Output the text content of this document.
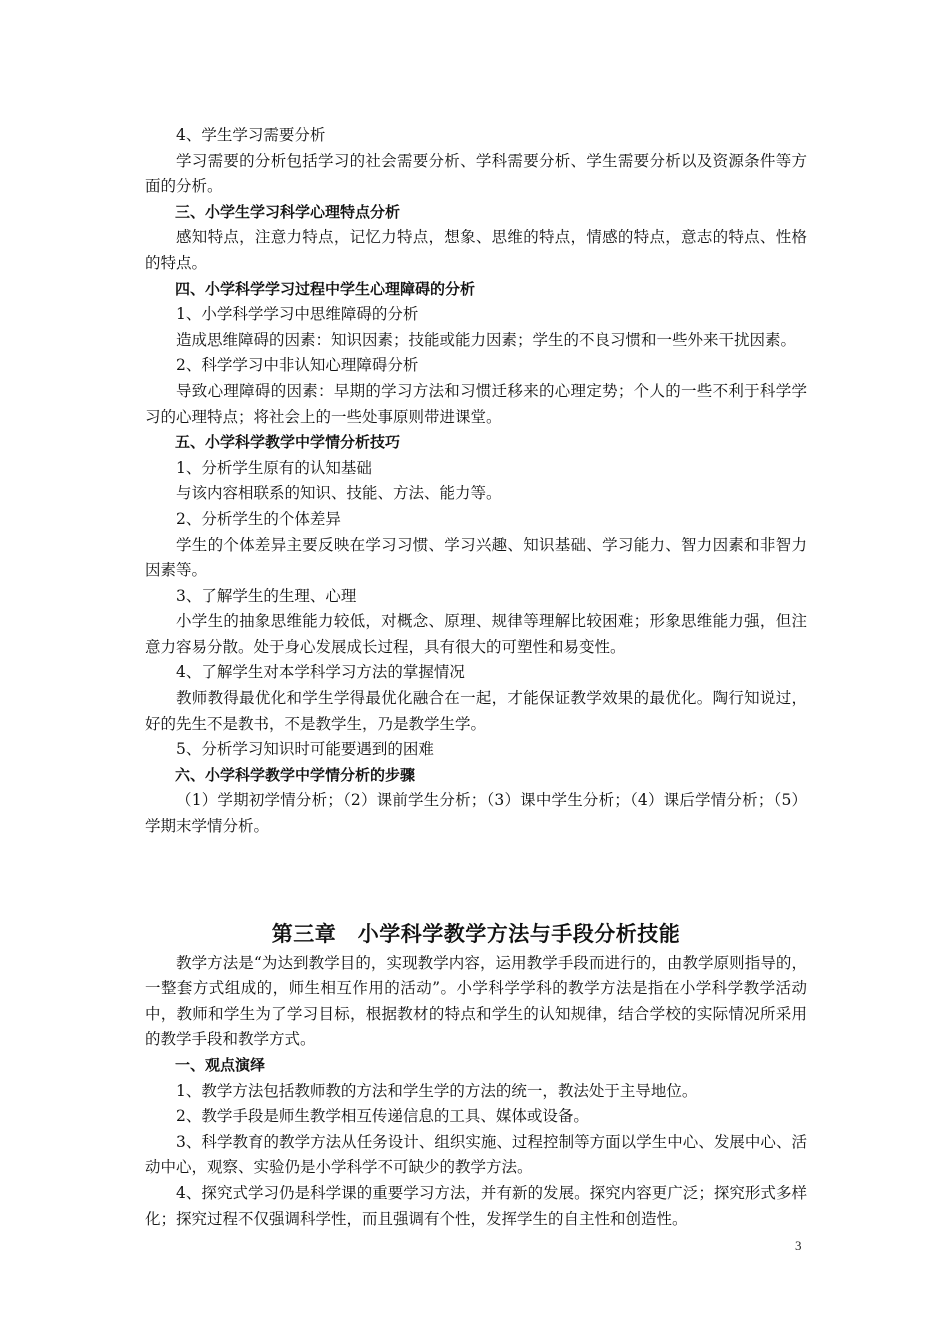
4、学生学习需要分析

学习需要的分析包括学习的社会需要分析、学科需要分析、学生需要分析以及资源条件等方面的分析。

三、小学生学习科学心理特点分析

感知特点，注意力特点，记忆力特点，想象、思维的特点，情感的特点，意志的特点、性格的特点。

四、小学科学学习过程中学生心理障碍的分析

1、小学科学学习中思维障碍的分析

造成思维障碍的因素：知识因素；技能或能力因素；学生的不良习惯和一些外来干扰因素。

2、科学学习中非认知心理障碍分析

导致心理障碍的因素：早期的学习方法和习惯迁移来的心理定势；个人的一些不利于科学学习的心理特点；将社会上的一些处事原则带进课堂。

五、小学科学教学中学情分析技巧

1、分析学生原有的认知基础

与该内容相联系的知识、技能、方法、能力等。

2、分析学生的个体差异

学生的个体差异主要反映在学习习惯、学习兴趣、知识基础、学习能力、智力因素和非智力因素等。

3、了解学生的生理、心理

小学生的抽象思维能力较低，对概念、原理、规律等理解比较困难；形象思维能力强，但注意力容易分散。处于身心发展成长过程，具有很大的可塑性和易变性。

4、了解学生对本学科学习方法的掌握情况

教师教得最优化和学生学得最优化融合在一起，才能保证教学效果的最优化。陶行知说过，好的先生不是教书，不是教学生，乃是教学生学。

5、分析学习知识时可能要遇到的困难

六、小学科学教学中学情分析的步骤

（1）学期初学情分析；（2）课前学生分析；（3）课中学生分析；（4）课后学情分析；（5）学期末学情分析。

第三章　小学科学教学方法与手段分析技能

教学方法是“为达到教学目的，实现教学内容，运用教学手段而进行的，由教学原则指导的，一整套方式组成的，师生相互作用的活动”。小学科学学科的教学方法是指在小学科学教学活动中，教师和学生为了学习目标，根据教材的特点和学生的认知规律，结合学校的实际情况所采用的教学手段和教学方式。

一、观点演绎

1、教学方法包括教师教的方法和学生学的方法的统一，教法处于主导地位。

2、教学手段是师生教学相互传递信息的工具、媒体或设备。

3、科学教育的教学方法从任务设计、组织实施、过程控制等方面以学生中心、发展中心、活动中心，观察、实验仍是小学科学不可缺少的教学方法。

4、探究式学习仍是科学课的重要学习方法，并有新的发展。探究内容更广泛；探究形式多样化；探究过程不仅强调科学性，而且强调有个性，发挥学生的自主性和创造性。

3
